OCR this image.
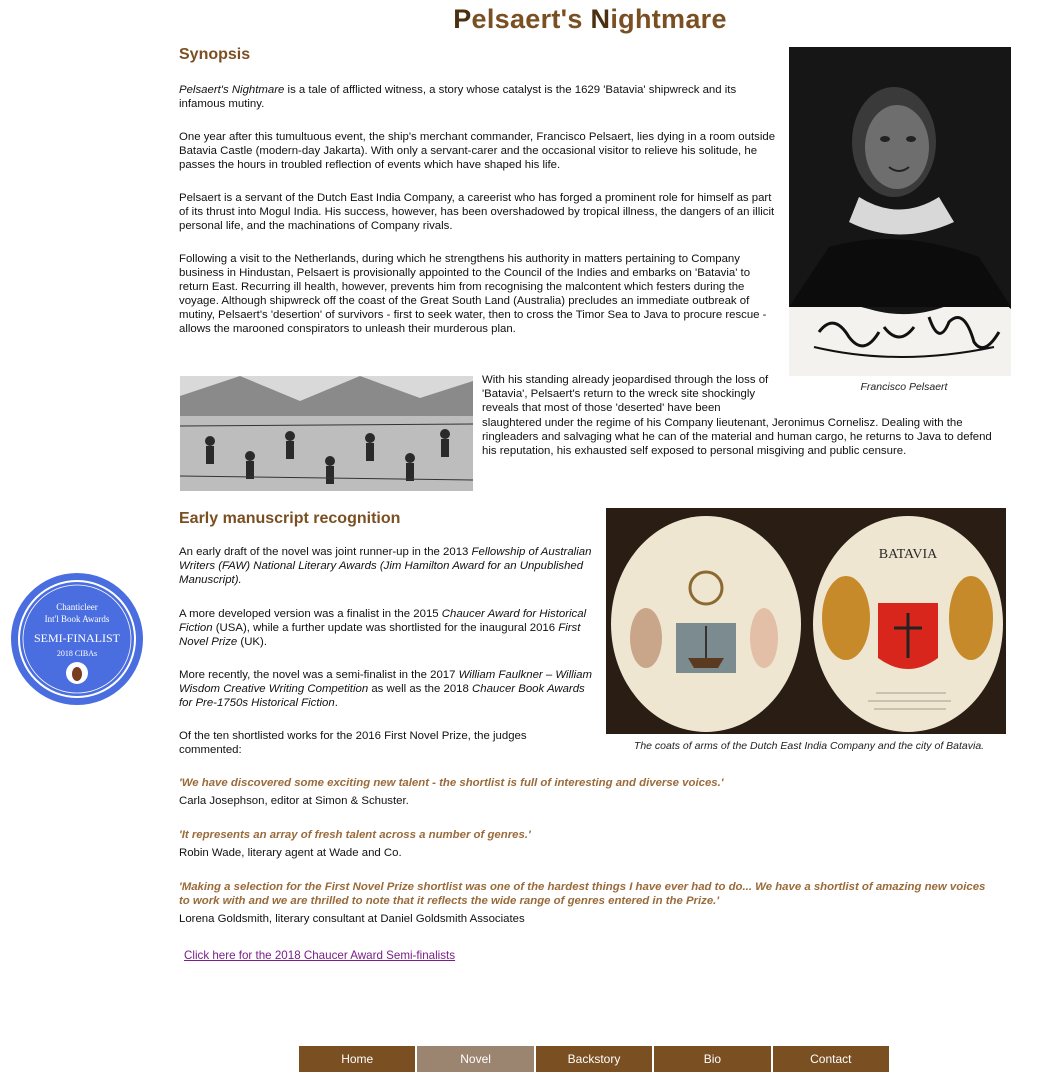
Pelsaert's Nightmare
Synopsis

Pelsaert's Nightmare is a tale of afflicted witness, a story whose catalyst is the 1629 'Batavia' shipwreck and its infamous mutiny.

One year after this tumultuous event, the ship's merchant commander, Francisco Pelsaert, lies dying in a room outside Batavia Castle (modern-day Jakarta). With only a servant-carer and the occasional visitor to relieve his solitude, he passes the hours in troubled reflection of events which have shaped his life.
Pelsaert is a servant of the Dutch East India Company, a careerist who has forged a prominent role for himself as part of its thrust into Mogul India. His success, however, has been overshadowed by tropical illness, the dangers of an illicit personal life, and the machinations of Company rivals.
Following a visit to the Netherlands, during which he strengthens his authority in matters pertaining to Company business in Hindustan, Pelsaert is provisionally appointed to the Council of the Indies and embarks on 'Batavia' to return East. Recurring ill health, however, prevents him from recognising the malcontent which festers during the voyage. Although shipwreck off the coast of the Great South Land (Australia) precludes an immediate outbreak of mutiny, Pelsaert's 'desertion' of survivors - first to seek water, then to cross the Timor Sea to Java to procure rescue - allows the marooned conspirators to unleash their murderous plan.
Francisco Pelsaert
With his standing already jeopardised through the loss of 'Batavia', Pelsaert's return to the wreck site shockingly reveals that most of those 'deserted' have been
slaughtered under the regime of his Company lieutenant, Jeronimus Cornelisz. Dealing with the ringleaders and salvaging what he can of the material and human cargo, he returns to Java to defend his reputation, his exhausted self exposed to personal misgiving and public censure.
Early manuscript recognition
An early draft of the novel was joint runner-up in the 2013 Fellowship of Australian Writers (FAW) National Literary Awards (Jim Hamilton Award for an Unpublished Manuscript).
A more developed version was a finalist in the 2015 Chaucer Award for Historical Fiction (USA), while a further update was shortlisted for the inaugural 2016 First Novel Prize (UK).
More recently, the novel was a semi-finalist in the 2017 William Faulkner – William Wisdom Creative Writing Competition as well as the 2018 Chaucer Book Awards for Pre-1750s Historical Fiction.
Of the ten shortlisted works for the 2016 First Novel Prize, the judges commented:
BATAVIA
The coats of arms of the Dutch East India Company and the city of Batavia.
'We have discovered some exciting new talent - the shortlist is full of interesting and diverse voices.'
Carla Josephson, editor at Simon & Schuster.
'It represents an array of fresh talent across a number of genres.'
Robin Wade, literary agent at Wade and Co.
'Making a selection for the First Novel Prize shortlist was one of the hardest things I have ever had to do... We have a shortlist of amazing new voices to work with and we are thrilled to note that it reflects the wide range of genres entered in the Prize.'
Lorena Goldsmith, literary consultant at Daniel Goldsmith Associates
Click here for the 2018 Chaucer Award Semi-finalists
Chanticleer
Int'l Book Awards
SEMI-FINALIST
2018 CIBAs
Home	Novel	Backstory	Bio	Contact
